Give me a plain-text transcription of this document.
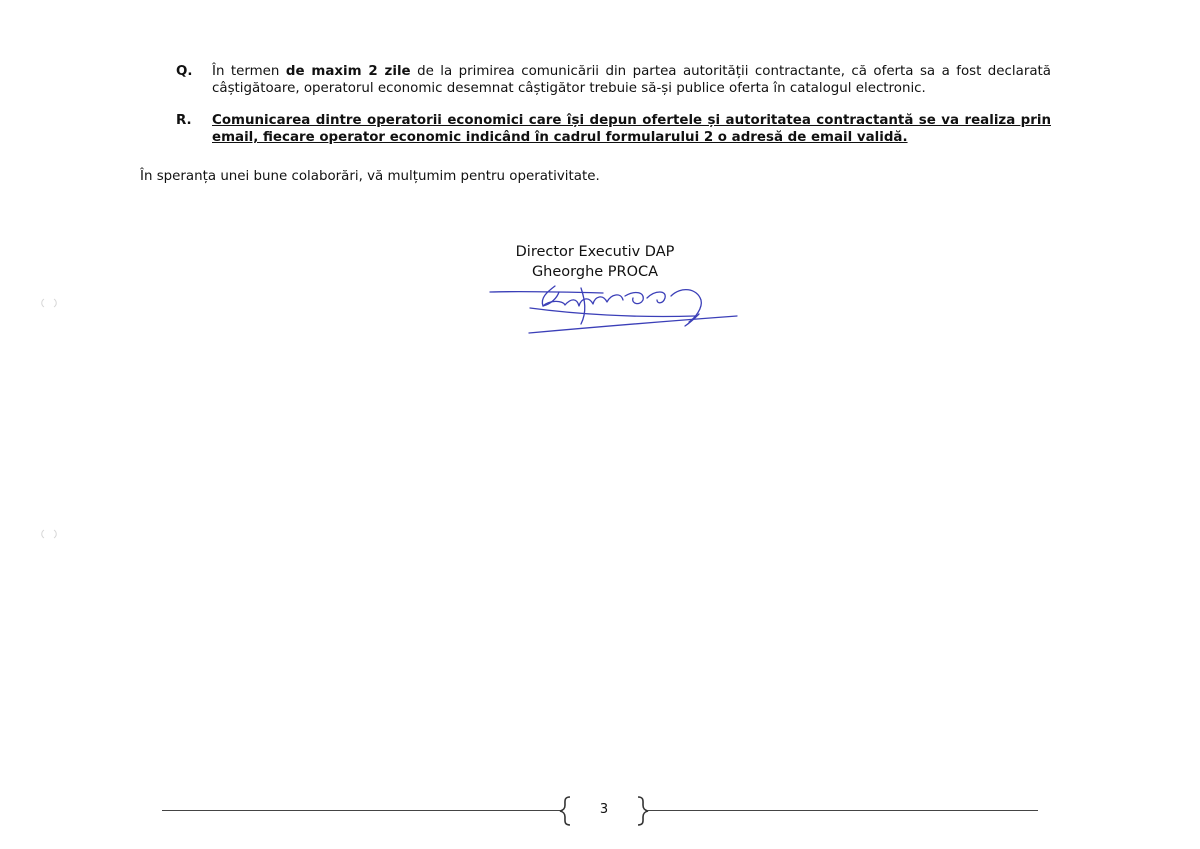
Q. În termen de maxim 2 zile de la primirea comunicării din partea autorității contractante, că oferta sa a fost declarată câștigătoare, operatorul economic desemnat câștigător trebuie să-și publice oferta în catalogul electronic.
R. Comunicarea dintre operatorii economici care își depun ofertele și autoritatea contractantă se va realiza prin email, fiecare operator economic indicând în cadrul formularului 2 o adresă de email validă.
În speranța unei bune colaborări, vă mulțumim pentru operativitate.
Director Executiv DAP
Gheorghe PROCA
3
